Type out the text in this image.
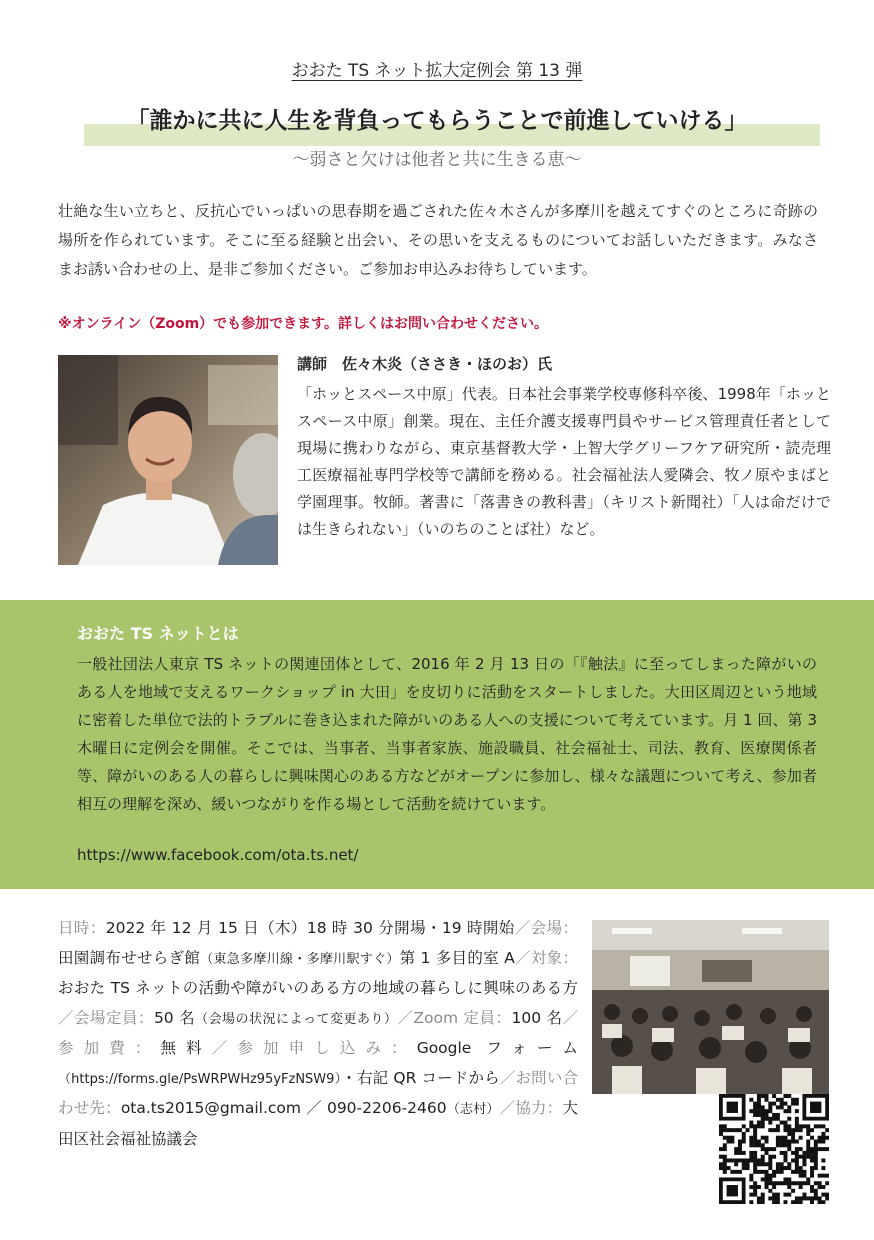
おおた TS ネット拡大定例会 第 13 弾
「誰かに共に人生を背負ってもらうことで前進していける」
～弱さと欠けは他者と共に生きる恵～
壮絶な生い立ちと、反抗心でいっぱいの思春期を過ごされた佐々木さんが多摩川を越えてすぐのところに奇跡の場所を作られています。そこに至る経験と出会い、その思いを支えるものについてお話しいただきます。みなさまお誘い合わせの上、是非ご参加ください。ご参加お申込みお待ちしています。
※オンライン（Zoom）でも参加できます。詳しくはお問い合わせください。
講師　佐々木炎（ささき・ほのお）氏
「ホッとスペース中原」代表。日本社会事業学校専修科卒後、1998年「ホッとスペース中原」創業。現在、主任介護支援専門員やサービス管理責任者として現場に携わりながら、東京基督教大学・上智大学グリーフケア研究所・読売理工医療福祉専門学校等で講師を務める。社会福祉法人愛隣会、牧ノ原やまばと学園理事。牧師。著書に「落書きの教科書」（キリスト新聞社）「人は命だけでは生きられない」（いのちのことば社）など。
おおた TS ネットとは
一般社団法人東京 TS ネットの関連団体として、2016 年 2 月 13 日の「『触法』に至ってしまった障がいのある人を地域で支えるワークショップ in 大田」を皮切りに活動をスタートしました。大田区周辺という地域に密着した単位で法的トラブルに巻き込まれた障がいのある人への支援について考えています。月 1 回、第 3 木曜日に定例会を開催。そこでは、当事者、当事者家族、施設職員、社会福祉士、司法、教育、医療関係者等、障がいのある人の暮らしに興味関心のある方などがオープンに参加し、様々な議題について考え、参加者相互の理解を深め、緩いつながりを作る場として活動を続けています。
https://www.facebook.com/ota.ts.net/
日時：2022 年 12 月 15 日（木）18 時 30 分開場・19 時開始／会場：田園調布せせらぎ館（東急多摩川線・多摩川駅すぐ）第 1 多目的室 A／対象：おおた TS ネットの活動や障がいのある方の地域の暮らしに興味のある方／会場定員：50 名（会場の状況によって変更あり）／Zoom 定員：100 名／参加費：無料／参加申し込み：Google フォーム（https://forms.gle/PsWRPWHz95yFzNSW9）・右記 QR コードから／お問い合わせ先：ota.ts2015@gmail.com ／ 090-2206-2460（志村）／協力：大田区社会福祉協議会
